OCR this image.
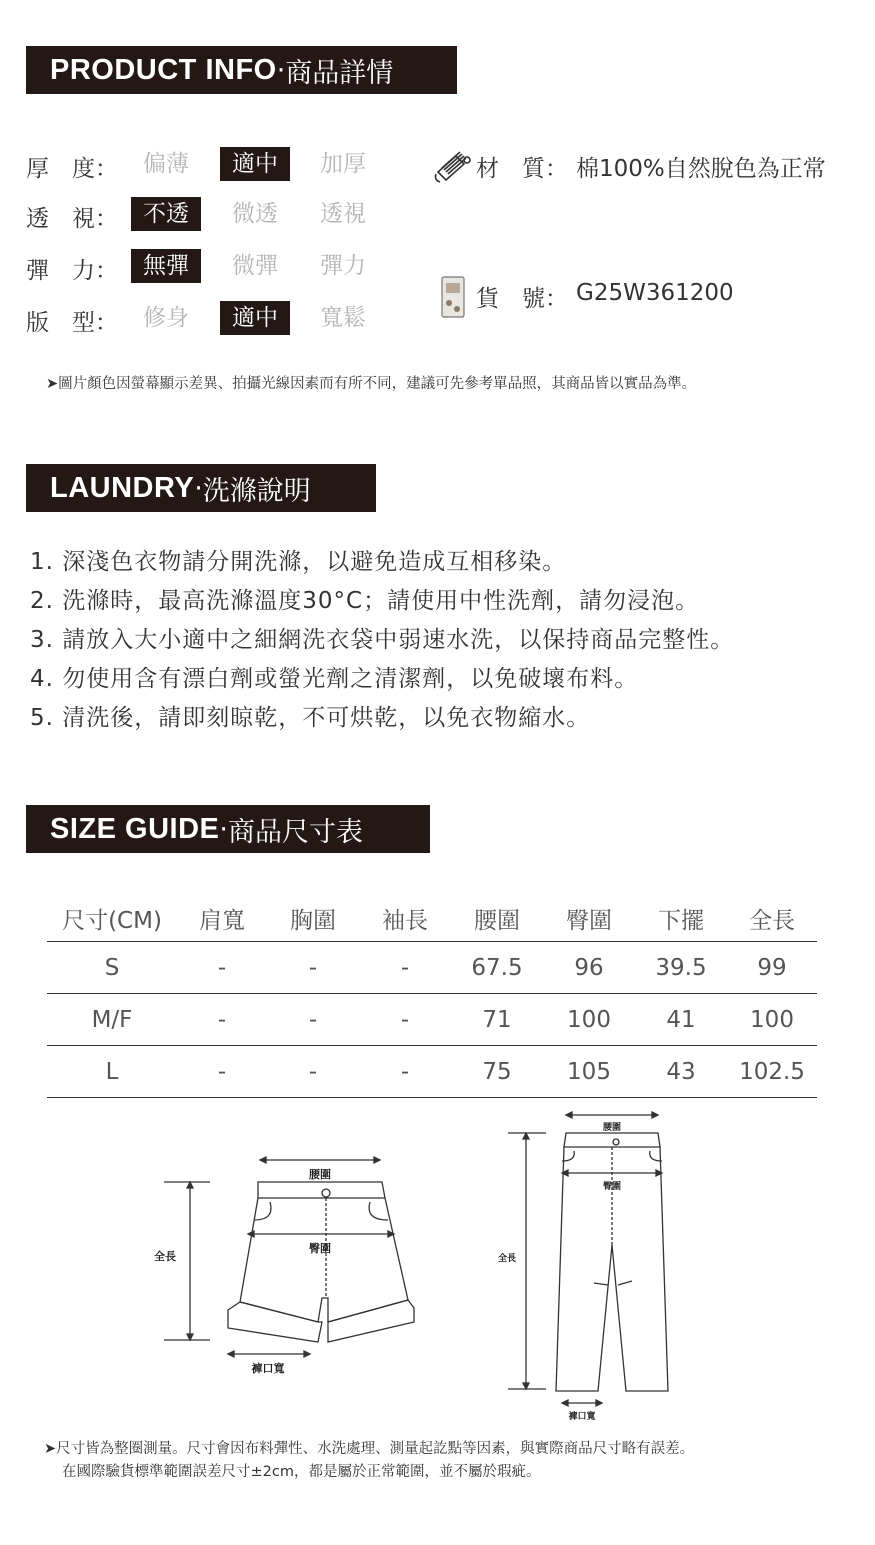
PRODUCT INFO · 商品詳情
厚　度：	偏薄	適中	加厚
透　視：	不透	微透	透視
彈　力：	無彈	微彈	彈力
版　型：	修身	適中	寬鬆
材　質： 棉100%自然脫色為正常
貨　號： G25W361200
➤圖片顏色因螢幕顯示差異、拍攝光線因素而有所不同，建議可先參考單品照，其商品皆以實品為準。
LAUNDRY · 洗滌說明
1. 深淺色衣物請分開洗滌，以避免造成互相移染。
2. 洗滌時，最高洗滌溫度30°C；請使用中性洗劑，請勿浸泡。
3. 請放入大小適中之細網洗衣袋中弱速水洗，以保持商品完整性。
4. 勿使用含有漂白劑或螢光劑之清潔劑，以免破壞布料。
5. 清洗後，請即刻晾乾，不可烘乾，以免衣物縮水。
SIZE GUIDE · 商品尺寸表
尺寸(CM)	肩寬	胸圍	袖長	腰圍	臀圍	下擺	全長
S	-	-	-	67.5	96	39.5	99
M/F	-	-	-	71	100	41	100
L	-	-	-	75	105	43	102.5
腰圍
臀圍
全長
褲口寬
腰圍
臀圍
全長
褲口寬
➤尺寸皆為整圈測量。尺寸會因布料彈性、水洗處理、測量起訖點等因素，與實際商品尺寸略有誤差。
在國際驗貨標準範圍誤差尺寸±2cm，都是屬於正常範圍，並不屬於瑕疵。
